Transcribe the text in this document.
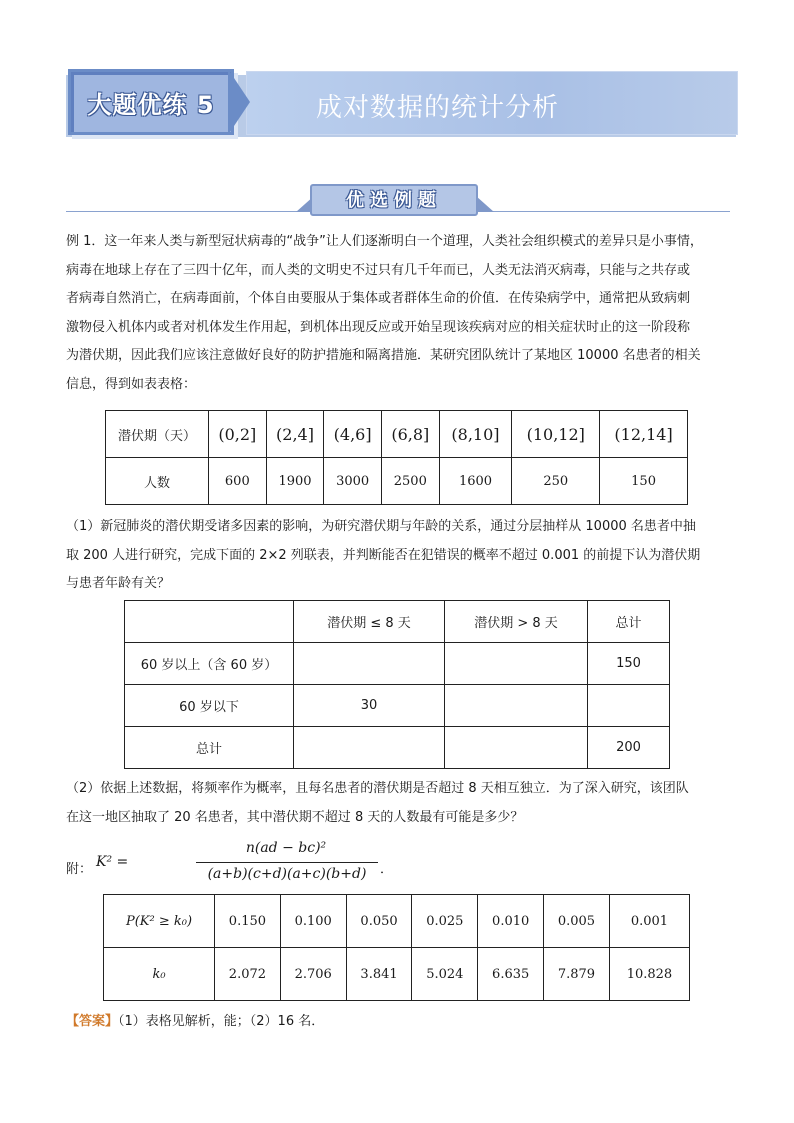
大题优练 5	成对数据的统计分析
优选例题

例 1．这一年来人类与新型冠状病毒的“战争”让人们逐渐明白一个道理，人类社会组织模式的差异只是小事情，

病毒在地球上存在了三四十亿年，而人类的文明史不过只有几千年而已，人类无法消灭病毒，只能与之共存或

者病毒自然消亡，在病毒面前，个体自由要服从于集体或者群体生命的价值．在传染病学中，通常把从致病刺

激物侵入机体内或者对机体发生作用起，到机体出现反应或开始呈现该疾病对应的相关症状时止的这一阶段称

为潜伏期，因此我们应该注意做好良好的防护措施和隔离措施．某研究团队统计了某地区 10000 名患者的相关

信息，得到如表表格：

潜伏期（天）	(0,2]	(2,4]	(4,6]	(6,8]	(8,10]	(10,12]	(12,14]
人数	600	1900	3000	2500	1600	250	150

（1）新冠肺炎的潜伏期受诸多因素的影响，为研究潜伏期与年龄的关系，通过分层抽样从 10000 名患者中抽

取 200 人进行研究，完成下面的 2×2 列联表，并判断能否在犯错误的概率不超过 0.001 的前提下认为潜伏期

与患者年龄有关？

	潜伏期 ≤ 8 天	潜伏期 > 8 天	总计
60 岁以上（含 60 岁）			150
60 岁以下	30		
总计			200

（2）依据上述数据，将频率作为概率，且每名患者的潜伏期是否超过 8 天相互独立．为了深入研究，该团队

在这一地区抽取了 20 名患者，其中潜伏期不超过 8 天的人数最有可能是多少？

附： K² =
n(ad − bc)²
(a+b)(c+d)(a+c)(b+d)	．
P(K² ≥ k₀)	0.150	0.100	0.050	0.025	0.010	0.005	0.001
k₀	2.072	2.706	3.841	5.024	6.635	7.879	10.828
【答案】（1）表格见解析，能；（2）16 名．
